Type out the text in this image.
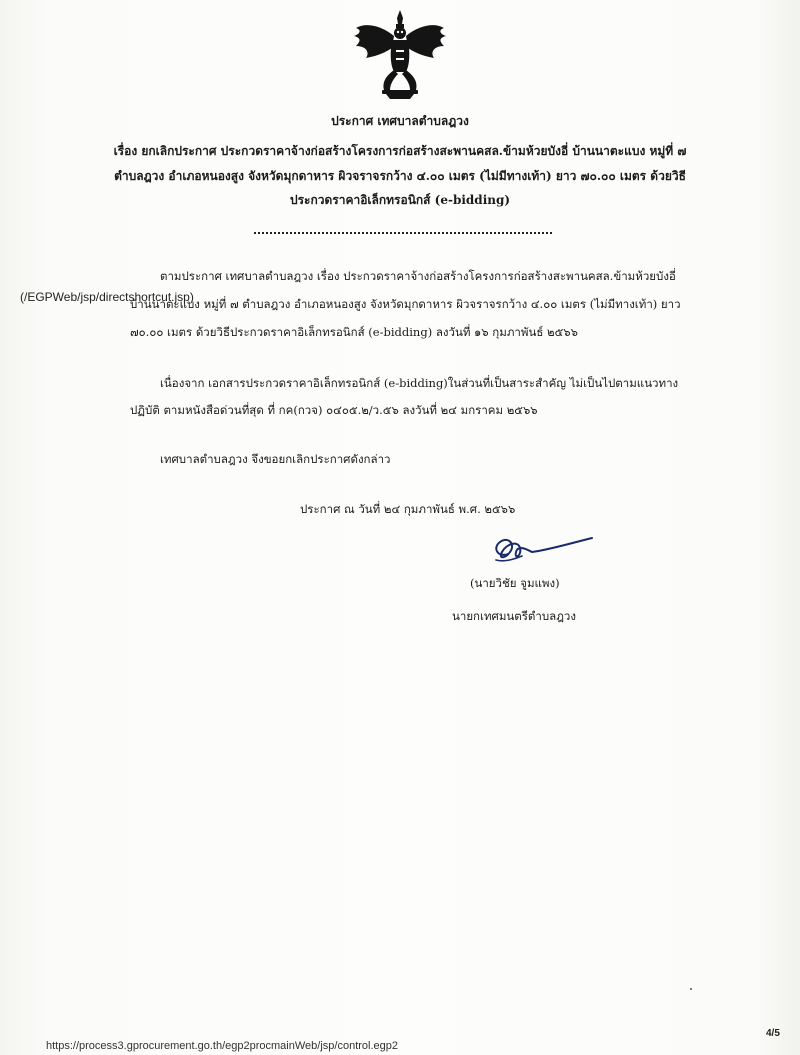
ประกาศ เทศบาลตำบลฎวง
เรื่อง ยกเลิกประกาศ ประกวดราคาจ้างก่อสร้างโครงการก่อสร้างสะพานคสล.ข้ามห้วยบังอี่ บ้านนาตะแบง หมู่ที่ ๗
ตำบลฎวง อำเภอหนองสูง จังหวัดมุกดาหาร ผิวจราจรกว้าง ๔.๐๐ เมตร (ไม่มีทางเท้า) ยาว ๗๐.๐๐ เมตร ด้วยวิธี
ประกวดราคาอิเล็กทรอนิกส์ (e-bidding)
ตามประกาศ เทศบาลตำบลฎวง เรื่อง ประกวดราคาจ้างก่อสร้างโครงการก่อสร้างสะพานคสล.ข้ามห้วยบังอี่
บ้านนาตะแบง หมู่ที่ ๗ ตำบลฎวง อำเภอหนองสูง จังหวัดมุกดาหาร ผิวจราจรกว้าง ๔.๐๐ เมตร (ไม่มีทางเท้า) ยาว
๗๐.๐๐ เมตร ด้วยวิธีประกวดราคาอิเล็กทรอนิกส์ (e-bidding) ลงวันที่ ๑๖ กุมภาพันธ์ ๒๕๖๖
(/EGPWeb/jsp/directshortcut.jsp)
เนื่องจาก เอกสารประกวดราคาอิเล็กทรอนิกส์ (e-bidding)ในส่วนที่เป็นสาระสำคัญ ไม่เป็นไปตามแนวทาง
ปฏิบัติ ตามหนังสือด่วนที่สุด ที่ กค(กวจ) ๐๔๐๕.๒/ว.๕๖ ลงวันที่ ๒๔ มกราคม ๒๕๖๖
เทศบาลตำบลฎวง จึงขอยกเลิกประกาศดังกล่าว
ประกาศ ณ วันที่ ๒๔ กุมภาพันธ์ พ.ศ. ๒๕๖๖
(นายวิชัย จูมแพง)
นายกเทศมนตรีตำบลฎวง
4/5
https://process3.gprocurement.go.th/egp2procmainWeb/jsp/control.egp2
